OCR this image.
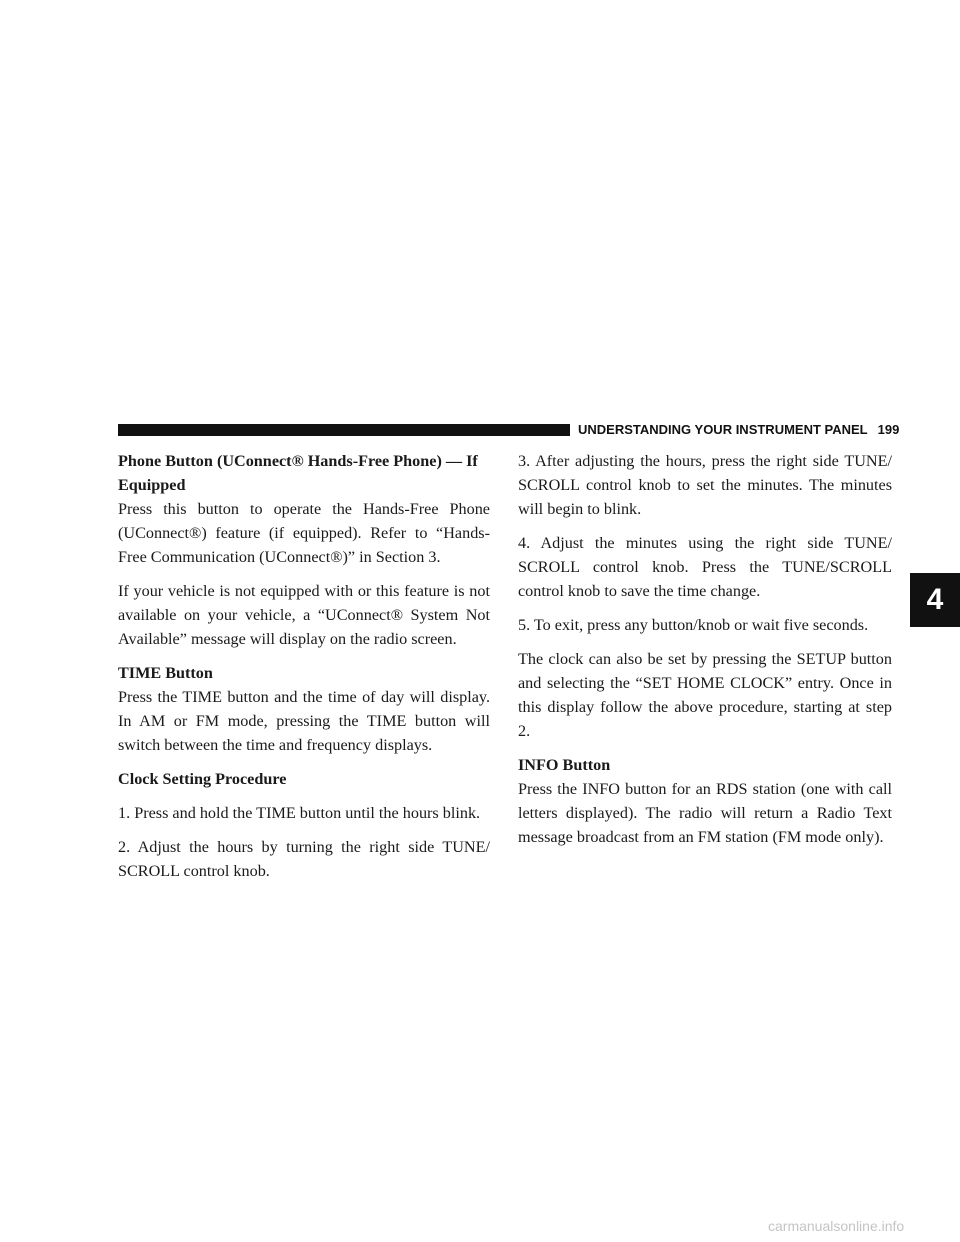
UNDERSTANDING YOUR INSTRUMENT PANEL 199
Phone Button (UConnect® Hands-Free Phone) — If Equipped

Press this button to operate the Hands-Free Phone (UConnect®) feature (if equipped). Refer to “Hands-Free Communication (UConnect®)” in Section 3.

If your vehicle is not equipped with or this feature is not available on your vehicle, a “UConnect® System Not Available” message will display on the radio screen.

TIME Button

Press the TIME button and the time of day will display. In AM or FM mode, pressing the TIME button will switch between the time and frequency displays.

Clock Setting Procedure

1. Press and hold the TIME button until the hours blink.

2. Adjust the hours by turning the right side TUNE/ SCROLL control knob.

3. After adjusting the hours, press the right side TUNE/ SCROLL control knob to set the minutes. The minutes will begin to blink.

4. Adjust the minutes using the right side TUNE/ SCROLL control knob. Press the TUNE/SCROLL control knob to save the time change.

5. To exit, press any button/knob or wait five seconds.

The clock can also be set by pressing the SETUP button and selecting the “SET HOME CLOCK” entry. Once in this display follow the above procedure, starting at step 2.

INFO Button

Press the INFO button for an RDS station (one with call letters displayed). The radio will return a Radio Text message broadcast from an FM station (FM mode only).

4
carmanualsonline.info
